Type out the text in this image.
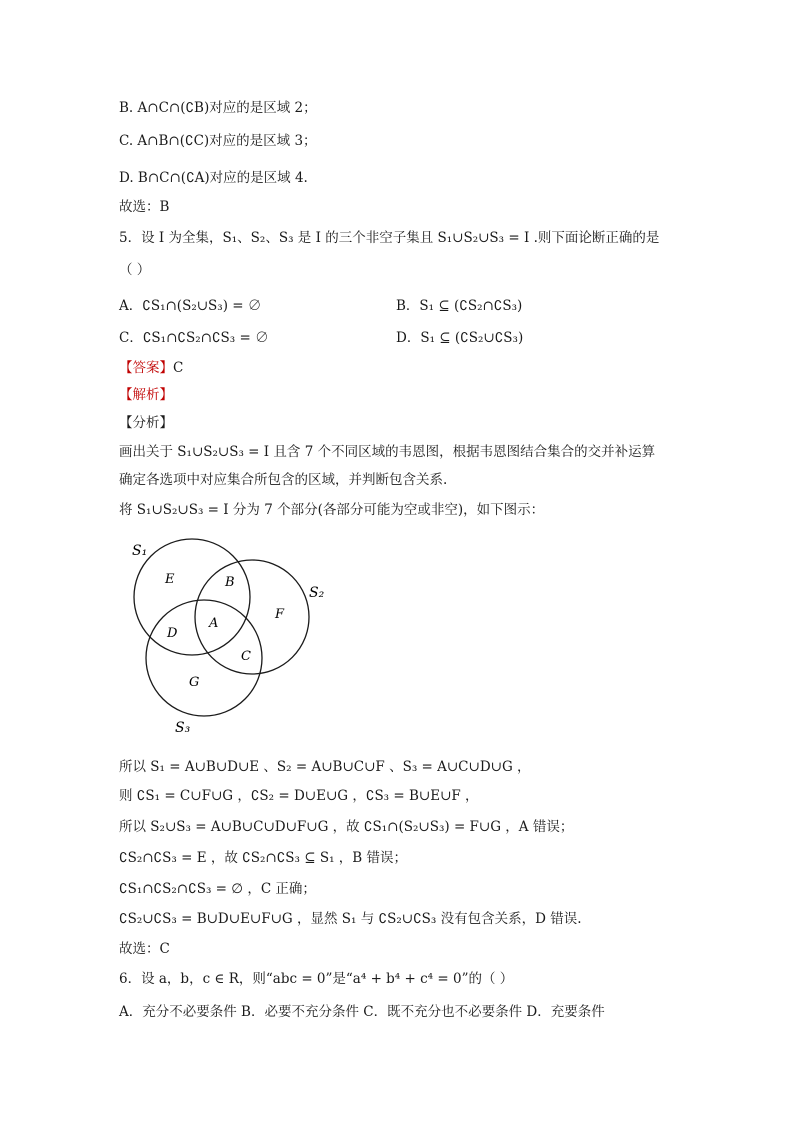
B. A∩C∩(∁B)对应的是区域 2；
C. A∩B∩(∁C)对应的是区域 3；
D. B∩C∩(∁A)对应的是区域 4.
故选：B
5．设 I 为全集，S₁、S₂、S₃ 是 I 的三个非空子集且 S₁∪S₂∪S₃ = I .则下面论断正确的是
（ ）
A．∁S₁∩(S₂∪S₃) = ∅	B．S₁ ⊆ (∁S₂∩∁S₃)
C．∁S₁∩∁S₂∩∁S₃ = ∅	D．S₁ ⊆ (∁S₂∪∁S₃)
【答案】C
【解析】
【分析】
画出关于 S₁∪S₂∪S₃ = I 且含 7 个不同区域的韦恩图，根据韦恩图结合集合的交并补运算
确定各选项中对应集合所包含的区域，并判断包含关系.
将 S₁∪S₂∪S₃ = I 分为 7 个部分(各部分可能为空或非空)，如下图示：
S₁
S₂
S₃
E	B
F
D
A
C
G
所以 S₁ = A∪B∪D∪E 、S₂ = A∪B∪C∪F 、S₃ = A∪C∪D∪G ，
则 ∁S₁ = C∪F∪G ，∁S₂ = D∪E∪G ，∁S₃ = B∪E∪F ，
所以 S₂∪S₃ = A∪B∪C∪D∪F∪G ，故 ∁S₁∩(S₂∪S₃) = F∪G ，A 错误；
∁S₂∩∁S₃ = E ，故 ∁S₂∩∁S₃ ⊆ S₁ ，B 错误；
∁S₁∩∁S₂∩∁S₃ = ∅ ，C 正确；
∁S₂∪∁S₃ = B∪D∪E∪F∪G ，显然 S₁ 与 ∁S₂∪∁S₃ 没有包含关系，D 错误.
故选：C
6．设 a，b，c ∈ R，则“abc = 0”是“a⁴ + b⁴ + c⁴ = 0”的（ ）
A．充分不必要条件 B．必要不充分条件 C．既不充分也不必要条件 D．充要条件
